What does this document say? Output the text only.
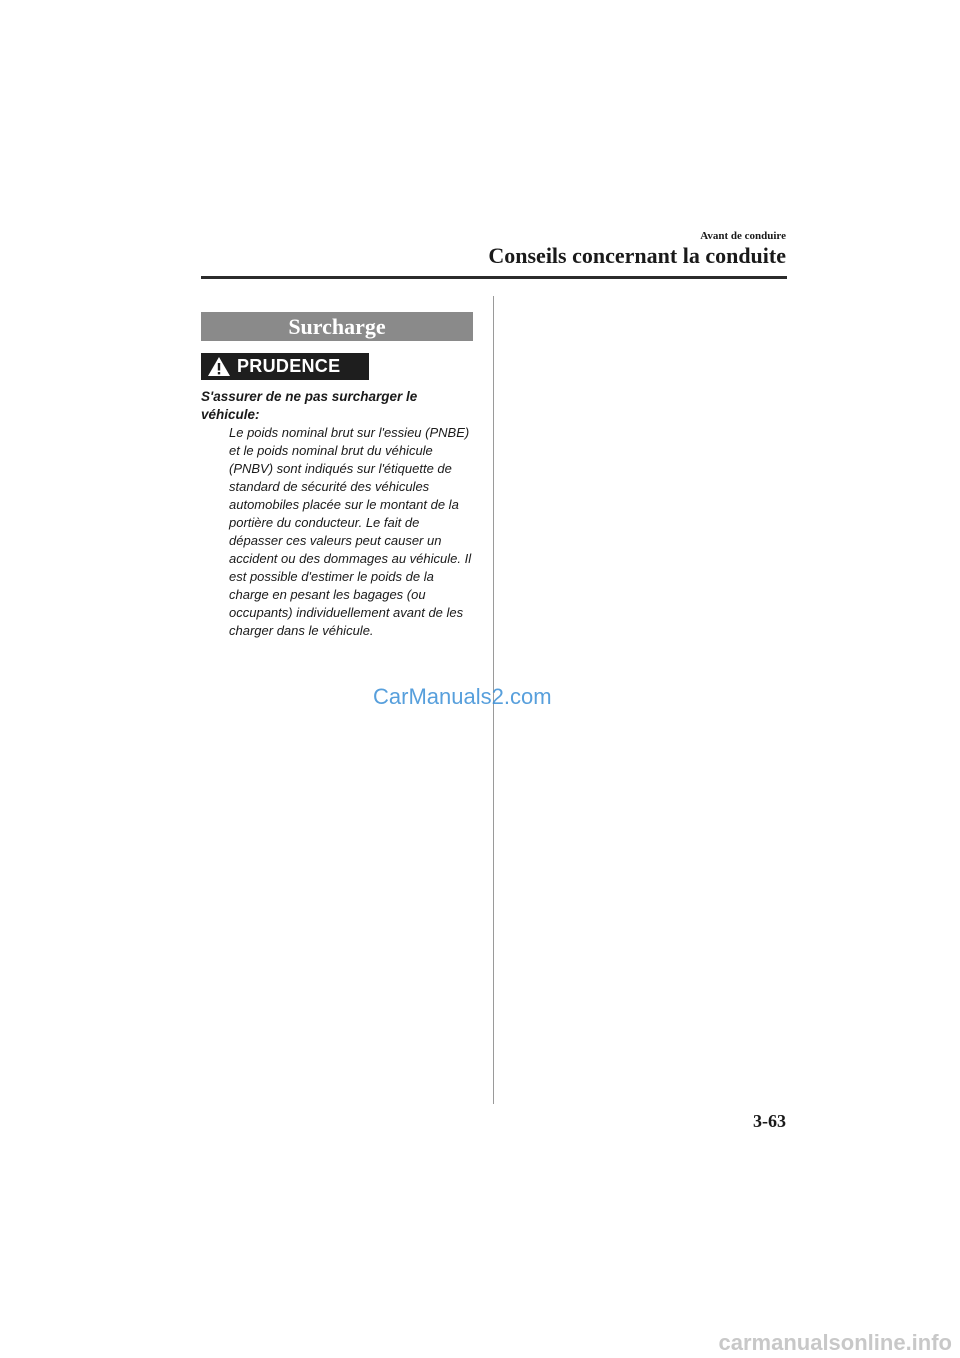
Avant de conduire
Conseils concernant la conduite
Surcharge
PRUDENCE
S'assurer de ne pas surcharger le véhicule:
Le poids nominal brut sur l'essieu (PNBE) et le poids nominal brut du véhicule (PNBV) sont indiqués sur l'étiquette de standard de sécurité des véhicules automobiles placée sur le montant de la portière du conducteur. Le fait de dépasser ces valeurs peut causer un accident ou des dommages au véhicule. Il est possible d'estimer le poids de la charge en pesant les bagages (ou occupants) individuellement avant de les charger dans le véhicule.
CarManuals2.com
3-63
carmanualsonline.info
